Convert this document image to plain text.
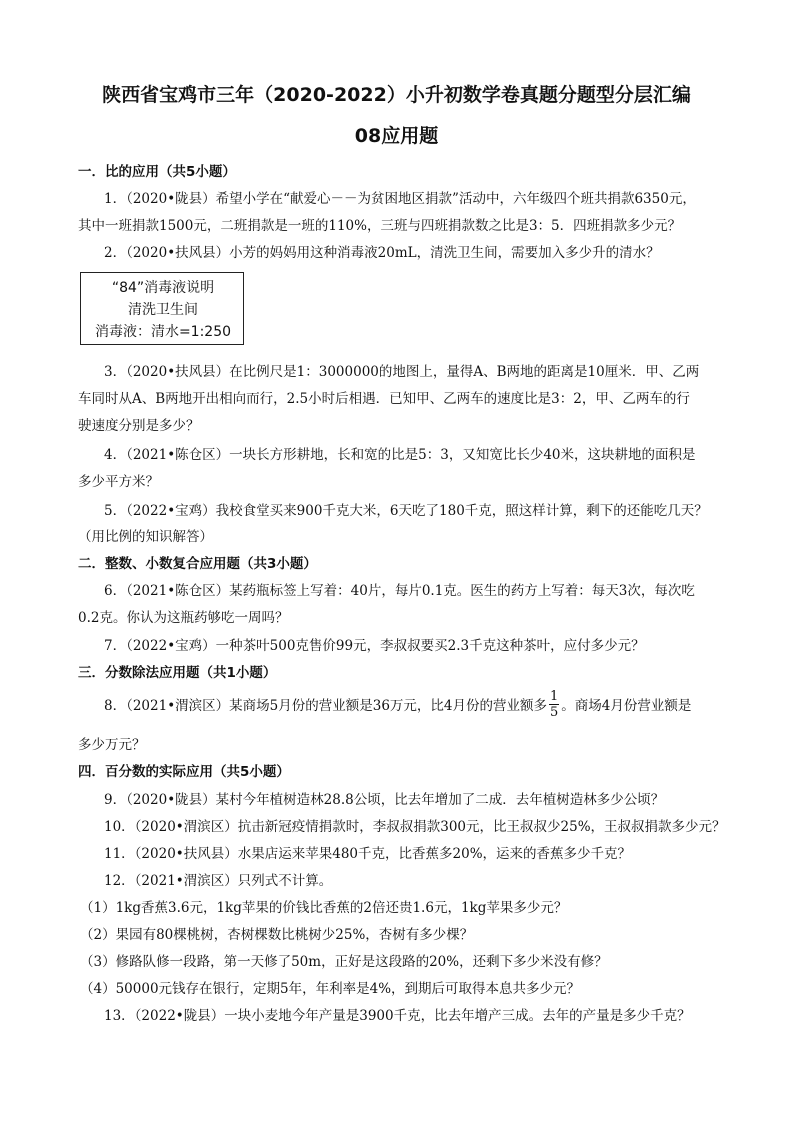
陕西省宝鸡市三年（2020-2022）小升初数学卷真题分题型分层汇编
08应用题
一．比的应用（共5小题）
1．（2020•陇县）希望小学在“献爱心－－为贫困地区捐款”活动中，六年级四个班共捐款6350元，
其中一班捐款1500元，二班捐款是一班的110%，三班与四班捐款数之比是3：5．四班捐款多少元？
2．（2020•扶风县）小芳的妈妈用这种消毒液20mL，清洗卫生间，需要加入多少升的清水？
“84”消毒液说明
清洗卫生间
消毒液：清水=1:250
3．（2020•扶风县）在比例尺是1：3000000的地图上，量得A、B两地的距离是10厘米．甲、乙两
车同时从A、B两地开出相向而行，2.5小时后相遇．已知甲、乙两车的速度比是3：2，甲、乙两车的行
驶速度分别是多少？
4．（2021•陈仓区）一块长方形耕地，长和宽的比是5：3，又知宽比长少40米，这块耕地的面积是
多少平方米？
5．（2022•宝鸡）我校食堂买来900千克大米，6天吃了180千克，照这样计算，剩下的还能吃几天？
（用比例的知识解答）
二．整数、小数复合应用题（共3小题）
6．（2021•陈仓区）某药瓶标签上写着：40片，每片0.1克。医生的药方上写着：每天3次，每次吃
0.2克。你认为这瓶药够吃一周吗？
7．（2022•宝鸡）一种茶叶500克售价99元，李叔叔要买2.3千克这种茶叶，应付多少元？
三．分数除法应用题（共1小题）
8．（2021•渭滨区）某商场5月份的营业额是36万元，比4月份的营业额多 $\frac{1}{5}$ 。商场4月份营业额是
多少万元？
四．百分数的实际应用（共5小题）
9．（2020•陇县）某村今年植树造林28.8公顷，比去年增加了二成．去年植树造林多少公顷？
10．（2020•渭滨区）抗击新冠疫情捐款时，李叔叔捐款300元，比王叔叔少25%，王叔叔捐款多少元？
11．（2020•扶风县）水果店运来苹果480千克，比香蕉多20%，运来的香蕉多少千克？
12．（2021•渭滨区）只列式不计算。
（1）1kg香蕉3.6元，1kg苹果的价钱比香蕉的2倍还贵1.6元，1kg苹果多少元？
（2）果园有80棵桃树，杏树棵数比桃树少25%，杏树有多少棵？
（3）修路队修一段路，第一天修了50m，正好是这段路的20%，还剩下多少米没有修？
（4）50000元钱存在银行，定期5年，年利率是4%，到期后可取得本息共多少元？
13．（2022•陇县）一块小麦地今年产量是3900千克，比去年增产三成。去年的产量是多少千克？
